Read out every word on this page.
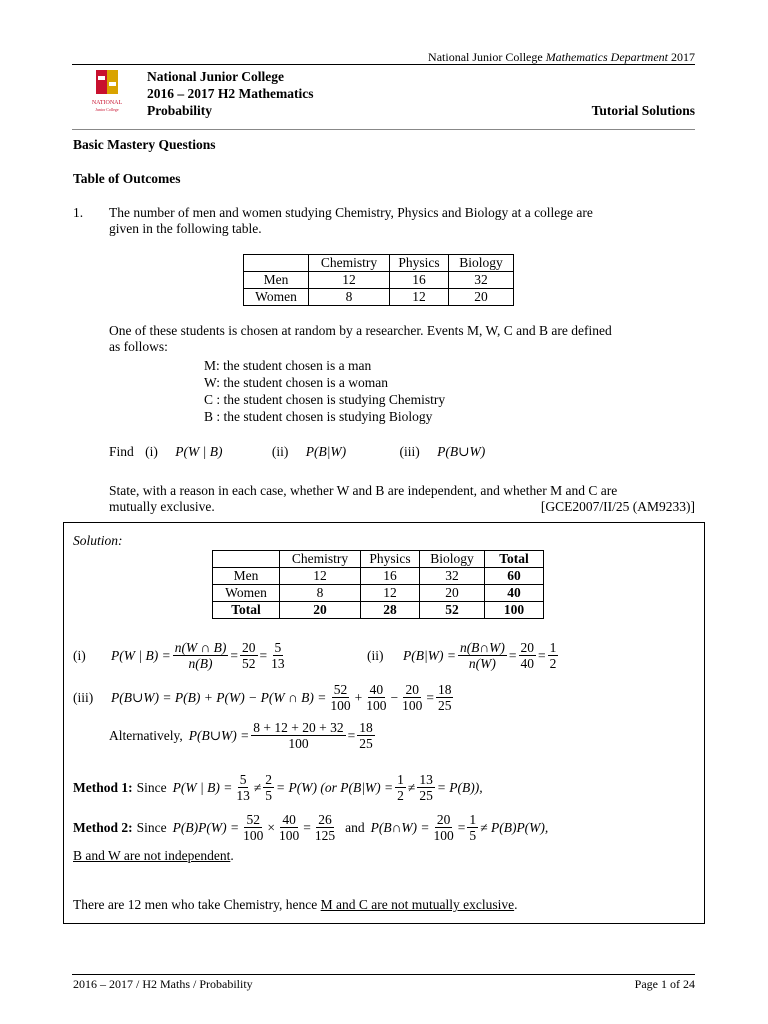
National Junior College Mathematics Department 2017
NATIONAL
Junior College
National Junior College
2016 – 2017 H2 Mathematics
Probability	Tutorial Solutions
Basic Mastery Questions
Table of Outcomes
1. The number of men and women studying Chemistry, Physics and Biology at a college are
given in the following table.
	Chemistry	Physics	Biology
Men	12	16	32
Women	8	12	20
One of these students is chosen at random by a researcher. Events M, W, C and B are defined
as follows:
M: the student chosen is a man
W: the student chosen is a woman
C : the student chosen is studying Chemistry
B : the student chosen is studying Biology
Find (i) P(W | B)	(ii) P(B|W)	(iii) P(B∪W)
State, with a reason in each case, whether W and B are independent, and whether M and C are
mutually exclusive.	[GCE2007/II/25 (AM9233)]
Solution:
	Chemistry	Physics	Biology	Total
Men	12	16	32	60
Women	8	12	20	40
Total	20	28	52	100
(i)	P(W | $B) = \frac{n(W \cap B)}{n(B)} = \frac{20}{52} = \frac{5}{13}$	(ii)	$P(B|W) = \frac{n(B\cap W)}{n(W)} = \frac{20}{40} = \frac{1}{2}$
(iii)	P(B∪W) = P(B) + P(W) − P(W ∩ $B) = \frac{52}{100} + \frac{40}{100} - \frac{20}{100} = \frac{18}{25}$
Alternatively, P(B∪W) = $\frac{8 + 12 + 20 + 32}{100} = \frac{18}{25}$
Method 1: Since P(W | $B) = \frac{5}{13} \ne \frac{2}{5} = P(W)$ (or $P(B|W) = \frac{1}{2} \ne \frac{13}{25} = P(B)$),
Method 2: Since $P(B)P(W) = \frac{52}{100} \times \frac{40}{100} = \frac{26}{125}$ and P(B∩W) = $\frac{20}{100} = \frac{1}{5} \ne P(B)P(W)$,
B and W are not independent.
There are 12 men who take Chemistry, hence M and C are not mutually exclusive.
2016 – 2017 / H2 Maths / Probability	Page 1 of 24
